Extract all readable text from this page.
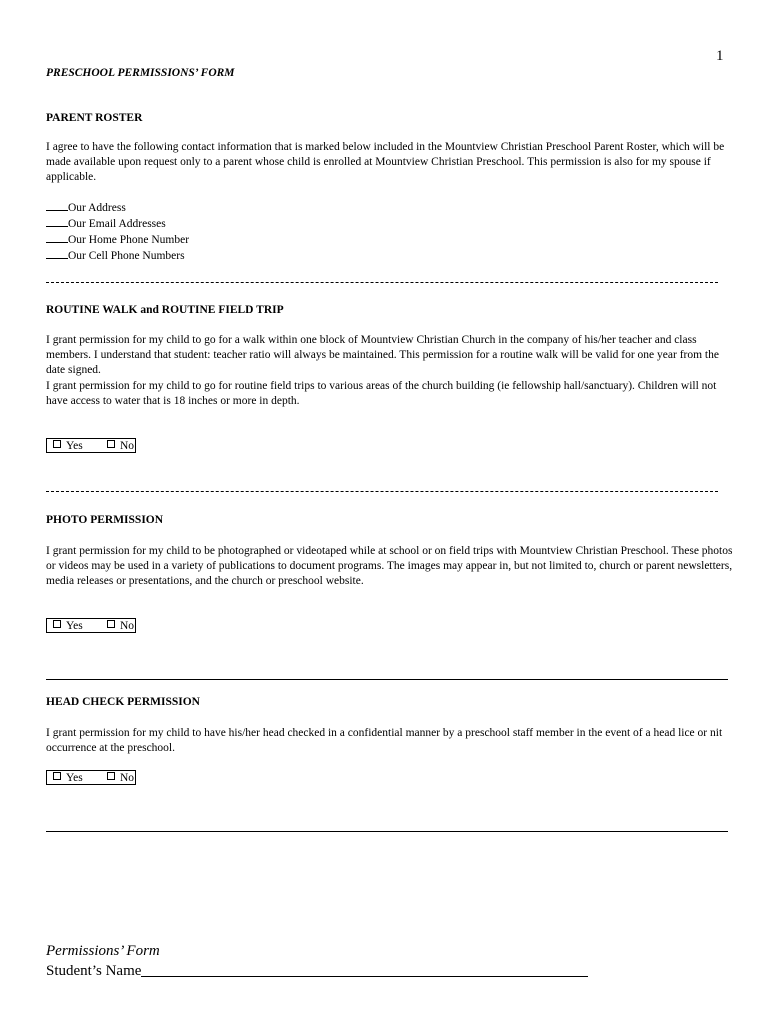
1
PRESCHOOL PERMISSIONS’ FORM
PARENT ROSTER
I agree to have the following contact information that is marked below included in the Mountview Christian Preschool Parent Roster, which will be made available upon request only to a parent whose child is enrolled at Mountview Christian Preschool. This permission is also for my spouse if applicable.
Our Address
Our Email Addresses
Our Home Phone Number
Our Cell Phone Numbers
ROUTINE WALK and ROUTINE FIELD TRIP
I grant permission for my child to go for a walk within one block of Mountview Christian Church in the company of his/her teacher and class members. I understand that student: teacher ratio will always be maintained. This permission for a routine walk will be valid for one year from the date signed.
I grant permission for my child to go for routine field trips to various areas of the church building (ie fellowship hall/sanctuary). Children will not have access to water that is 18 inches or more in depth.
Yes	No
PHOTO PERMISSION
I grant permission for my child to be photographed or videotaped while at school or on field trips with Mountview Christian Preschool. These photos or videos may be used in a variety of publications to document programs. The images may appear in, but not limited to, church or parent newsletters, media releases or presentations, and the church or preschool website.
Yes	No
HEAD CHECK PERMISSION
I grant permission for my child to have his/her head checked in a confidential manner by a preschool staff member in the event of a head lice or nit occurrence at the preschool.
Yes	No
Permissions’ Form
Student’s Name
